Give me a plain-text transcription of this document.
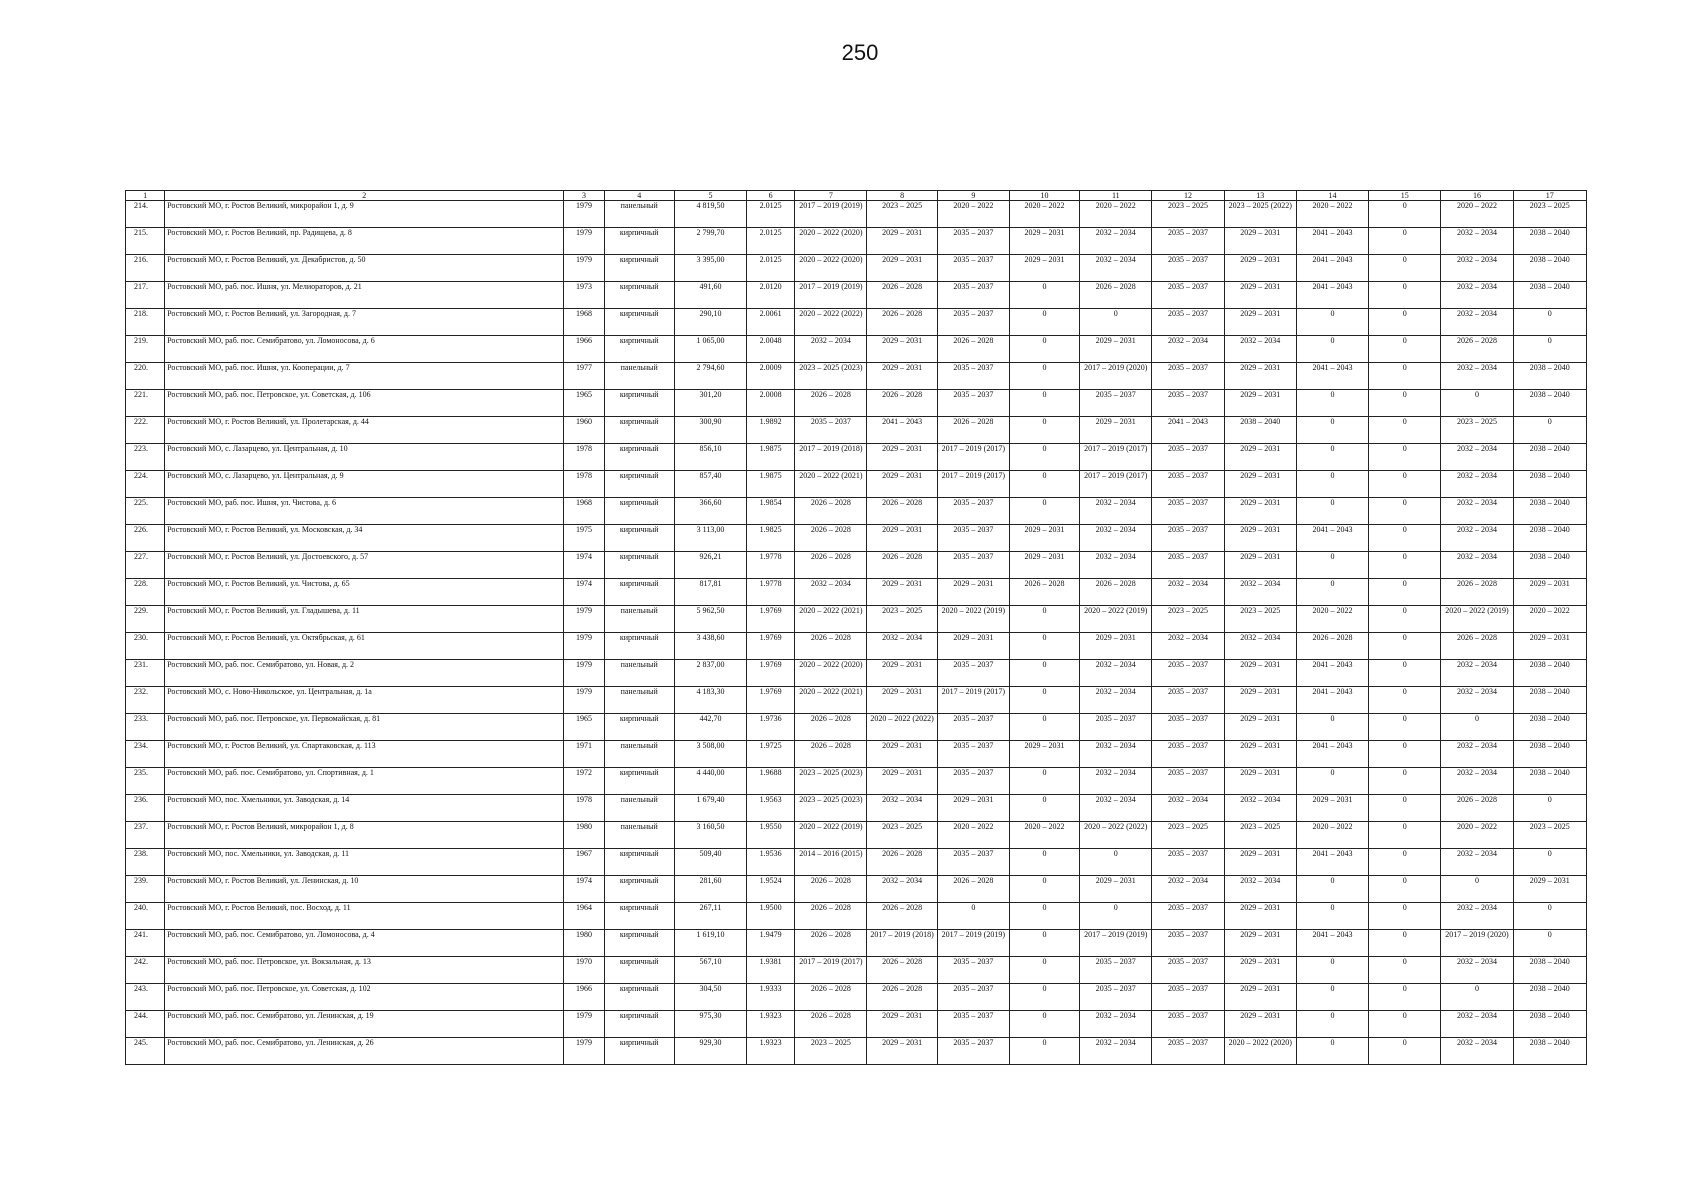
250
1	2	3	4	5	6	7	8	9	10	11	12	13	14	15	16	17
214.	Ростовский МО, г. Ростов Великий, микрорайон 1, д. 9	1979	панельный	4 819,50	2.0125	2017 – 2019 (2019)	2023 – 2025	2020 – 2022	2020 – 2022	2020 – 2022	2023 – 2025	2023 – 2025 (2022)	2020 – 2022	0	2020 – 2022	2023 – 2025
215.	Ростовский МО, г. Ростов Великий, пр. Радищева, д. 8	1979	кирпичный	2 799,70	2.0125	2020 – 2022 (2020)	2029 – 2031	2035 – 2037	2029 – 2031	2032 – 2034	2035 – 2037	2029 – 2031	2041 – 2043	0	2032 – 2034	2038 – 2040
216.	Ростовский МО, г. Ростов Великий, ул. Декабристов, д. 50	1979	кирпичный	3 395,00	2.0125	2020 – 2022 (2020)	2029 – 2031	2035 – 2037	2029 – 2031	2032 – 2034	2035 – 2037	2029 – 2031	2041 – 2043	0	2032 – 2034	2038 – 2040
217.	Ростовский МО, раб. пос. Ишня, ул. Мелиораторов, д. 21	1973	кирпичный	491,60	2.0120	2017 – 2019 (2019)	2026 – 2028	2035 – 2037	0	2026 – 2028	2035 – 2037	2029 – 2031	2041 – 2043	0	2032 – 2034	2038 – 2040
218.	Ростовский МО, г. Ростов Великий, ул. Загородная, д. 7	1968	кирпичный	290,10	2.0061	2020 – 2022 (2022)	2026 – 2028	2035 – 2037	0	0	2035 – 2037	2029 – 2031	0	0	2032 – 2034	0
219.	Ростовский МО, раб. пос. Семибратово, ул. Ломоносова, д. 6	1966	кирпичный	1 065,00	2.0048	2032 – 2034	2029 – 2031	2026 – 2028	0	2029 – 2031	2032 – 2034	2032 – 2034	0	0	2026 – 2028	0
220.	Ростовский МО, раб. пос. Ишня, ул. Кооперации, д. 7	1977	панельный	2 794,60	2.0009	2023 – 2025 (2023)	2029 – 2031	2035 – 2037	0	2017 – 2019 (2020)	2035 – 2037	2029 – 2031	2041 – 2043	0	2032 – 2034	2038 – 2040
221.	Ростовский МО, раб. пос. Петровское, ул. Советская, д. 106	1965	кирпичный	301,20	2.0008	2026 – 2028	2026 – 2028	2035 – 2037	0	2035 – 2037	2035 – 2037	2029 – 2031	0	0	0	2038 – 2040
222.	Ростовский МО, г. Ростов Великий, ул. Пролетарская, д. 44	1960	кирпичный	300,90	1.9892	2035 – 2037	2041 – 2043	2026 – 2028	0	2029 – 2031	2041 – 2043	2038 – 2040	0	0	2023 – 2025	0
223.	Ростовский МО, с. Лазарцево, ул. Центральная, д. 10	1978	кирпичный	856,10	1.9875	2017 – 2019 (2018)	2029 – 2031	2017 – 2019 (2017)	0	2017 – 2019 (2017)	2035 – 2037	2029 – 2031	0	0	2032 – 2034	2038 – 2040
224.	Ростовский МО, с. Лазарцево, ул. Центральная, д. 9	1978	кирпичный	857,40	1.9875	2020 – 2022 (2021)	2029 – 2031	2017 – 2019 (2017)	0	2017 – 2019 (2017)	2035 – 2037	2029 – 2031	0	0	2032 – 2034	2038 – 2040
225.	Ростовский МО, раб. пос. Ишня, ул. Чистова, д. 6	1968	кирпичный	366,60	1.9854	2026 – 2028	2026 – 2028	2035 – 2037	0	2032 – 2034	2035 – 2037	2029 – 2031	0	0	2032 – 2034	2038 – 2040
226.	Ростовский МО, г. Ростов Великий, ул. Московская, д. 34	1975	кирпичный	3 113,00	1.9825	2026 – 2028	2029 – 2031	2035 – 2037	2029 – 2031	2032 – 2034	2035 – 2037	2029 – 2031	2041 – 2043	0	2032 – 2034	2038 – 2040
227.	Ростовский МО, г. Ростов Великий, ул. Достоевского, д. 57	1974	кирпичный	926,21	1.9778	2026 – 2028	2026 – 2028	2035 – 2037	2029 – 2031	2032 – 2034	2035 – 2037	2029 – 2031	0	0	2032 – 2034	2038 – 2040
228.	Ростовский МО, г. Ростов Великий, ул. Чистова, д. 65	1974	кирпичный	817,81	1.9778	2032 – 2034	2029 – 2031	2029 – 2031	2026 – 2028	2026 – 2028	2032 – 2034	2032 – 2034	0	0	2026 – 2028	2029 – 2031
229.	Ростовский МО, г. Ростов Великий, ул. Гладышева, д. 11	1979	панельный	5 962,50	1.9769	2020 – 2022 (2021)	2023 – 2025	2020 – 2022 (2019)	0	2020 – 2022 (2019)	2023 – 2025	2023 – 2025	2020 – 2022	0	2020 – 2022 (2019)	2020 – 2022
230.	Ростовский МО, г. Ростов Великий, ул. Октябрьская, д. 61	1979	кирпичный	3 438,60	1.9769	2026 – 2028	2032 – 2034	2029 – 2031	0	2029 – 2031	2032 – 2034	2032 – 2034	2026 – 2028	0	2026 – 2028	2029 – 2031
231.	Ростовский МО, раб. пос. Семибратово, ул. Новая, д. 2	1979	панельный	2 837,00	1.9769	2020 – 2022 (2020)	2029 – 2031	2035 – 2037	0	2032 – 2034	2035 – 2037	2029 – 2031	2041 – 2043	0	2032 – 2034	2038 – 2040
232.	Ростовский МО, с. Ново-Никольское, ул. Центральная, д. 1а	1979	панельный	4 183,30	1.9769	2020 – 2022 (2021)	2029 – 2031	2017 – 2019 (2017)	0	2032 – 2034	2035 – 2037	2029 – 2031	2041 – 2043	0	2032 – 2034	2038 – 2040
233.	Ростовский МО, раб. пос. Петровское, ул. Первомайская, д. 81	1965	кирпичный	442,70	1.9736	2026 – 2028	2020 – 2022 (2022)	2035 – 2037	0	2035 – 2037	2035 – 2037	2029 – 2031	0	0	0	2038 – 2040
234.	Ростовский МО, г. Ростов Великий, ул. Спартаковская, д. 113	1971	панельный	3 508,00	1.9725	2026 – 2028	2029 – 2031	2035 – 2037	2029 – 2031	2032 – 2034	2035 – 2037	2029 – 2031	2041 – 2043	0	2032 – 2034	2038 – 2040
235.	Ростовский МО, раб. пос. Семибратово, ул. Спортивная, д. 1	1972	кирпичный	4 440,00	1.9688	2023 – 2025 (2023)	2029 – 2031	2035 – 2037	0	2032 – 2034	2035 – 2037	2029 – 2031	0	0	2032 – 2034	2038 – 2040
236.	Ростовский МО, пос. Хмельники, ул. Заводская, д. 14	1978	панельный	1 679,40	1.9563	2023 – 2025 (2023)	2032 – 2034	2029 – 2031	0	2032 – 2034	2032 – 2034	2032 – 2034	2029 – 2031	0	2026 – 2028	0
237.	Ростовский МО, г. Ростов Великий, микрорайон 1, д. 8	1980	панельный	3 160,50	1.9550	2020 – 2022 (2019)	2023 – 2025	2020 – 2022	2020 – 2022	2020 – 2022 (2022)	2023 – 2025	2023 – 2025	2020 – 2022	0	2020 – 2022	2023 – 2025
238.	Ростовский МО, пос. Хмельники, ул. Заводская, д. 11	1967	кирпичный	509,40	1.9536	2014 – 2016 (2015)	2026 – 2028	2035 – 2037	0	0	2035 – 2037	2029 – 2031	2041 – 2043	0	2032 – 2034	0
239.	Ростовский МО, г. Ростов Великий, ул. Ленинская, д. 10	1974	кирпичный	281,60	1.9524	2026 – 2028	2032 – 2034	2026 – 2028	0	2029 – 2031	2032 – 2034	2032 – 2034	0	0	0	2029 – 2031
240.	Ростовский МО, г. Ростов Великий, пос. Восход, д. 11	1964	кирпичный	267,11	1.9500	2026 – 2028	2026 – 2028	0	0	0	2035 – 2037	2029 – 2031	0	0	2032 – 2034	0
241.	Ростовский МО, раб. пос. Семибратово, ул. Ломоносова, д. 4	1980	кирпичный	1 619,10	1.9479	2026 – 2028	2017 – 2019 (2018)	2017 – 2019 (2019)	0	2017 – 2019 (2019)	2035 – 2037	2029 – 2031	2041 – 2043	0	2017 – 2019 (2020)	0
242.	Ростовский МО, раб. пос. Петровское, ул. Вокзальная, д. 13	1970	кирпичный	567,10	1.9381	2017 – 2019 (2017)	2026 – 2028	2035 – 2037	0	2035 – 2037	2035 – 2037	2029 – 2031	0	0	2032 – 2034	2038 – 2040
243.	Ростовский МО, раб. пос. Петровское, ул. Советская, д. 102	1966	кирпичный	304,50	1.9333	2026 – 2028	2026 – 2028	2035 – 2037	0	2035 – 2037	2035 – 2037	2029 – 2031	0	0	0	2038 – 2040
244.	Ростовский МО, раб. пос. Семибратово, ул. Ленинская, д. 19	1979	кирпичный	975,30	1.9323	2026 – 2028	2029 – 2031	2035 – 2037	0	2032 – 2034	2035 – 2037	2029 – 2031	0	0	2032 – 2034	2038 – 2040
245.	Ростовский МО, раб. пос. Семибратово, ул. Ленинская, д. 26	1979	кирпичный	929,30	1.9323	2023 – 2025	2029 – 2031	2035 – 2037	0	2032 – 2034	2035 – 2037	2020 – 2022 (2020)	0	0	2032 – 2034	2038 – 2040
